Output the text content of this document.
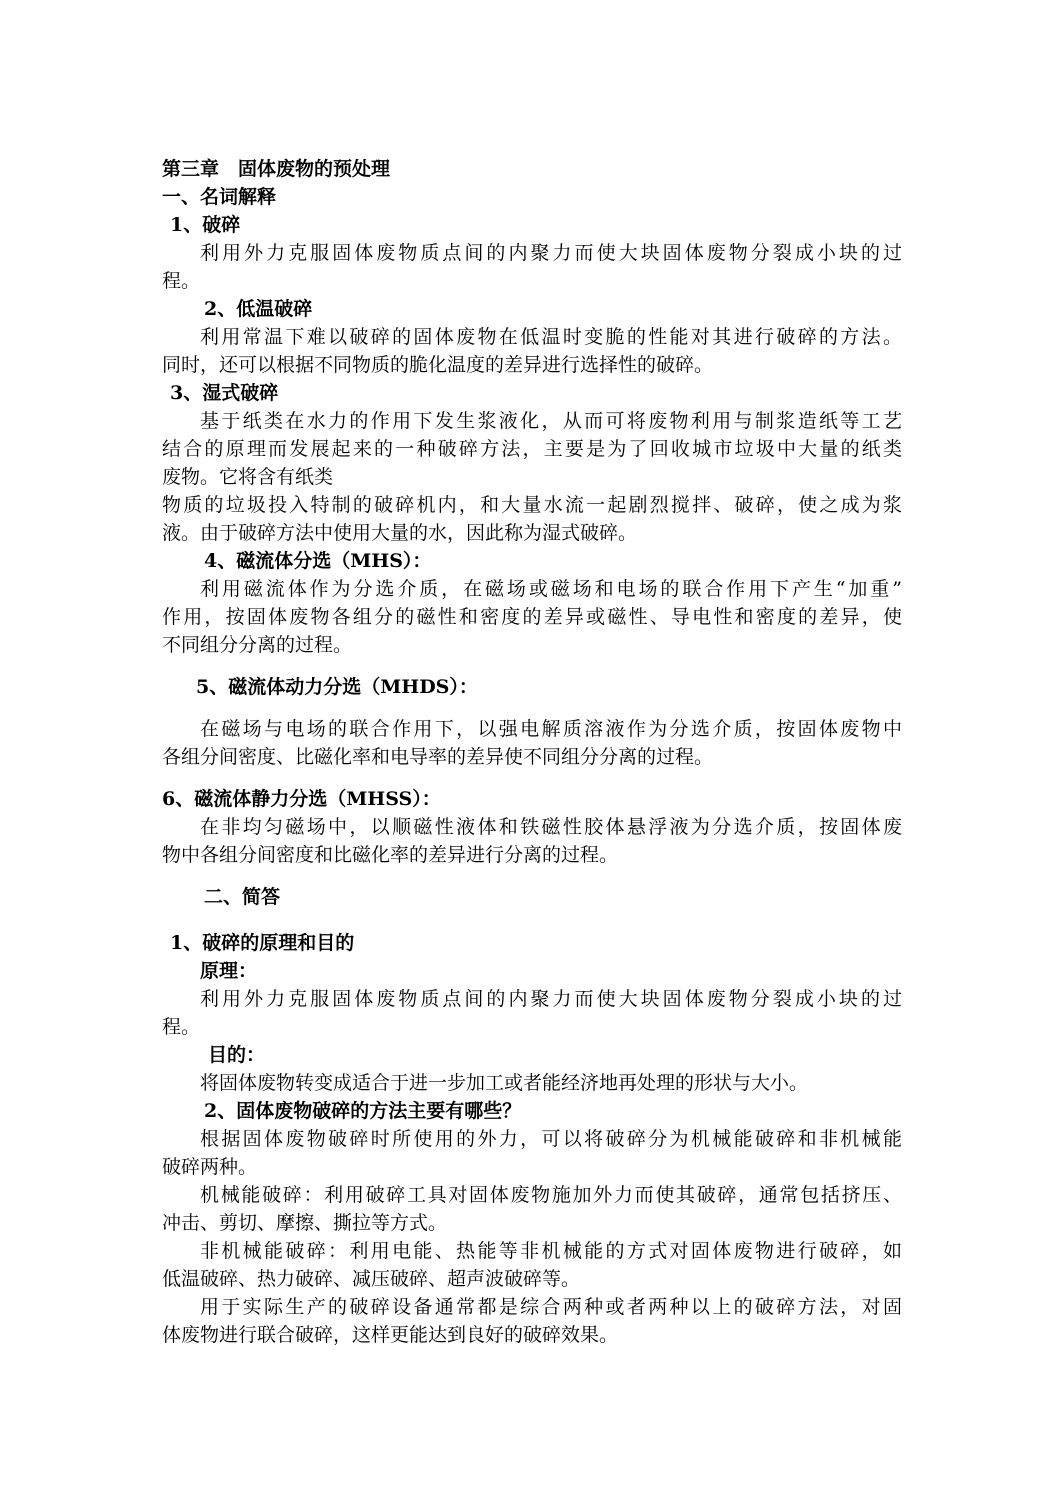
第三章　固体废物的预处理
一、名词解释
1、破碎
利用外力克服固体废物质点间的内聚力而使大块固体废物分裂成小块的过
程。
2、低温破碎
利用常温下难以破碎的固体废物在低温时变脆的性能对其进行破碎的方法。
同时，还可以根据不同物质的脆化温度的差异进行选择性的破碎。
3、湿式破碎
基于纸类在水力的作用下发生浆液化，从而可将废物利用与制浆造纸等工艺
结合的原理而发展起来的一种破碎方法，主要是为了回收城市垃圾中大量的纸类
废物。它将含有纸类
物质的垃圾投入特制的破碎机内，和大量水流一起剧烈搅拌、破碎，使之成为浆
液。由于破碎方法中使用大量的水，因此称为湿式破碎。
4、磁流体分选（MHS）：
利用磁流体作为分选介质，在磁场或磁场和电场的联合作用下产生“加重”
作用，按固体废物各组分的磁性和密度的差异或磁性、导电性和密度的差异，使
不同组分分离的过程。
5、磁流体动力分选（MHDS）：
在磁场与电场的联合作用下，以强电解质溶液作为分选介质，按固体废物中
各组分间密度、比磁化率和电导率的差异使不同组分分离的过程。
6、磁流体静力分选（MHSS）：
在非均匀磁场中，以顺磁性液体和铁磁性胶体悬浮液为分选介质，按固体废
物中各组分间密度和比磁化率的差异进行分离的过程。
二、简答
1、破碎的原理和目的
原理：
利用外力克服固体废物质点间的内聚力而使大块固体废物分裂成小块的过
程。
目的：
将固体废物转变成适合于进一步加工或者能经济地再处理的形状与大小。
2、固体废物破碎的方法主要有哪些？
根据固体废物破碎时所使用的外力，可以将破碎分为机械能破碎和非机械能
破碎两种。
机械能破碎：利用破碎工具对固体废物施加外力而使其破碎，通常包括挤压、
冲击、剪切、摩擦、撕拉等方式。
非机械能破碎：利用电能、热能等非机械能的方式对固体废物进行破碎，如
低温破碎、热力破碎、减压破碎、超声波破碎等。
用于实际生产的破碎设备通常都是综合两种或者两种以上的破碎方法，对固
体废物进行联合破碎，这样更能达到良好的破碎效果。
